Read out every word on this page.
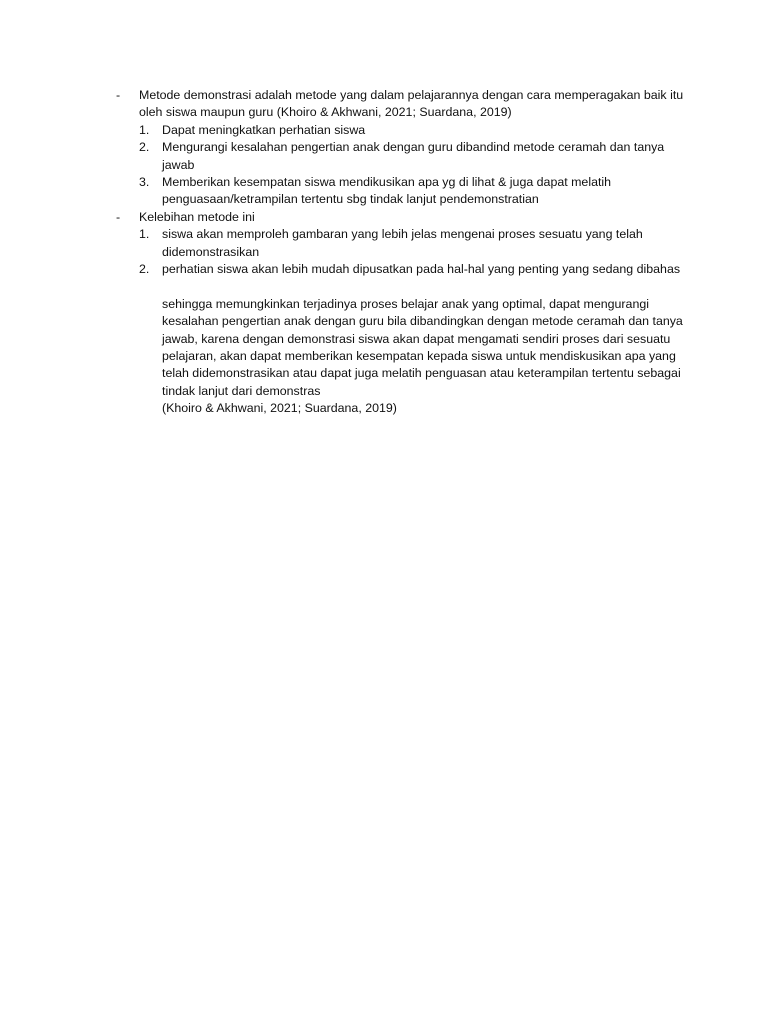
- Metode demonstrasi adalah metode yang dalam pelajarannya dengan cara memperagakan baik itu oleh siswa maupun guru (Khoiro & Akhwani, 2021; Suardana, 2019)
1. Dapat meningkatkan perhatian siswa
2. Mengurangi kesalahan pengertian anak dengan guru dibandind metode ceramah dan tanya jawab
3. Memberikan kesempatan siswa mendikusikan apa yg di lihat & juga dapat melatih penguasaan/ketrampilan tertentu sbg tindak lanjut pendemonstratian
- Kelebihan metode ini
1. siswa akan memproleh gambaran yang lebih jelas mengenai proses sesuatu yang telah didemonstrasikan
2. perhatian siswa akan lebih mudah dipusatkan pada hal-hal yang penting yang sedang dibahas
sehingga memungkinkan terjadinya proses belajar anak yang optimal, dapat mengurangi kesalahan pengertian anak dengan guru bila dibandingkan dengan metode ceramah dan tanya jawab, karena dengan demonstrasi siswa akan dapat mengamati sendiri proses dari sesuatu pelajaran, akan dapat memberikan kesempatan kepada siswa untuk mendiskusikan apa yang telah didemonstrasikan atau dapat juga melatih penguasan atau keterampilan tertentu sebagai tindak lanjut dari demonstras
(Khoiro & Akhwani, 2021; Suardana, 2019)
